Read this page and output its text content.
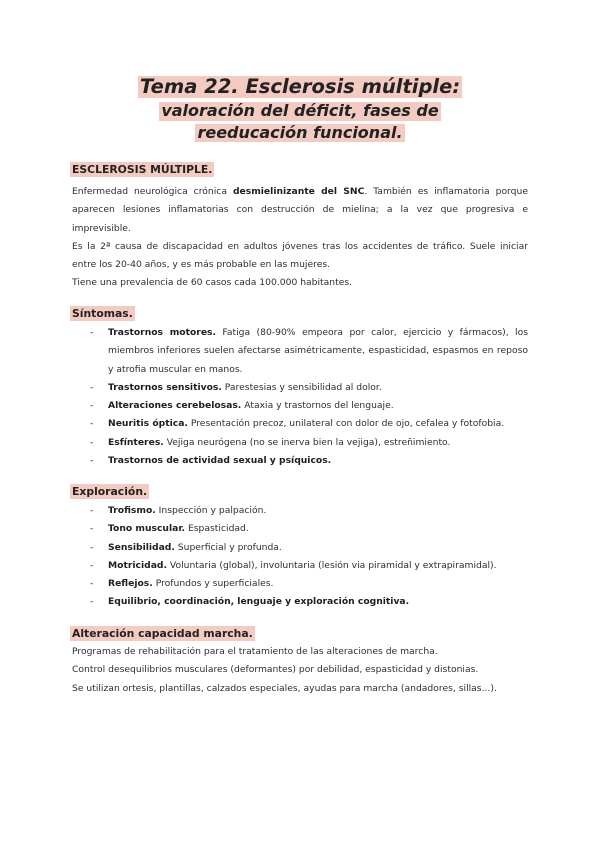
Tema 22. Esclerosis múltiple:
valoración del déficit, fases de
reeducación funcional.
ESCLEROSIS MÚLTIPLE.

Enfermedad neurológica crónica desmielinizante del SNC. También es inflamatoria porque aparecen lesiones inflamatorias con destrucción de mielina; a la vez que progresiva e imprevisible.

Es la 2ª causa de discapacidad en adultos jóvenes tras los accidentes de tráfico. Suele iniciar entre los 20-40 años, y es más probable en las mujeres.

Tiene una prevalencia de 60 casos cada 100.000 habitantes.

Síntomas.
- Trastornos motores. Fatiga (80-90% empeora por calor, ejercicio y fármacos), los miembros inferiores suelen afectarse asimétricamente, espasticidad, espasmos en reposo y atrofia muscular en manos.
- Trastornos sensitivos. Parestesias y sensibilidad al dolor.
- Alteraciones cerebelosas. Ataxia y trastornos del lenguaje.
- Neuritis óptica. Presentación precoz, unilateral con dolor de ojo, cefalea y fotofobia.
- Esfínteres. Vejiga neurógena (no se inerva bien la vejiga), estreñimiento.
- Trastornos de actividad sexual y psíquicos.
Exploración.
- Trofismo. Inspección y palpación.
- Tono muscular. Espasticidad.
- Sensibilidad. Superficial y profunda.
- Motricidad. Voluntaria (global), involuntaria (lesión via piramidal y extrapiramidal).
- Reflejos. Profundos y superficiales.
- Equilibrio, coordinación, lenguaje y exploración cognitiva.
Alteración capacidad marcha.

Programas de rehabilitación para el tratamiento de las alteraciones de marcha.

Control desequilibrios musculares (deformantes) por debilidad, espasticidad y distonias.

Se utilizan ortesis, plantillas, calzados especiales, ayudas para marcha (andadores, sillas...).
